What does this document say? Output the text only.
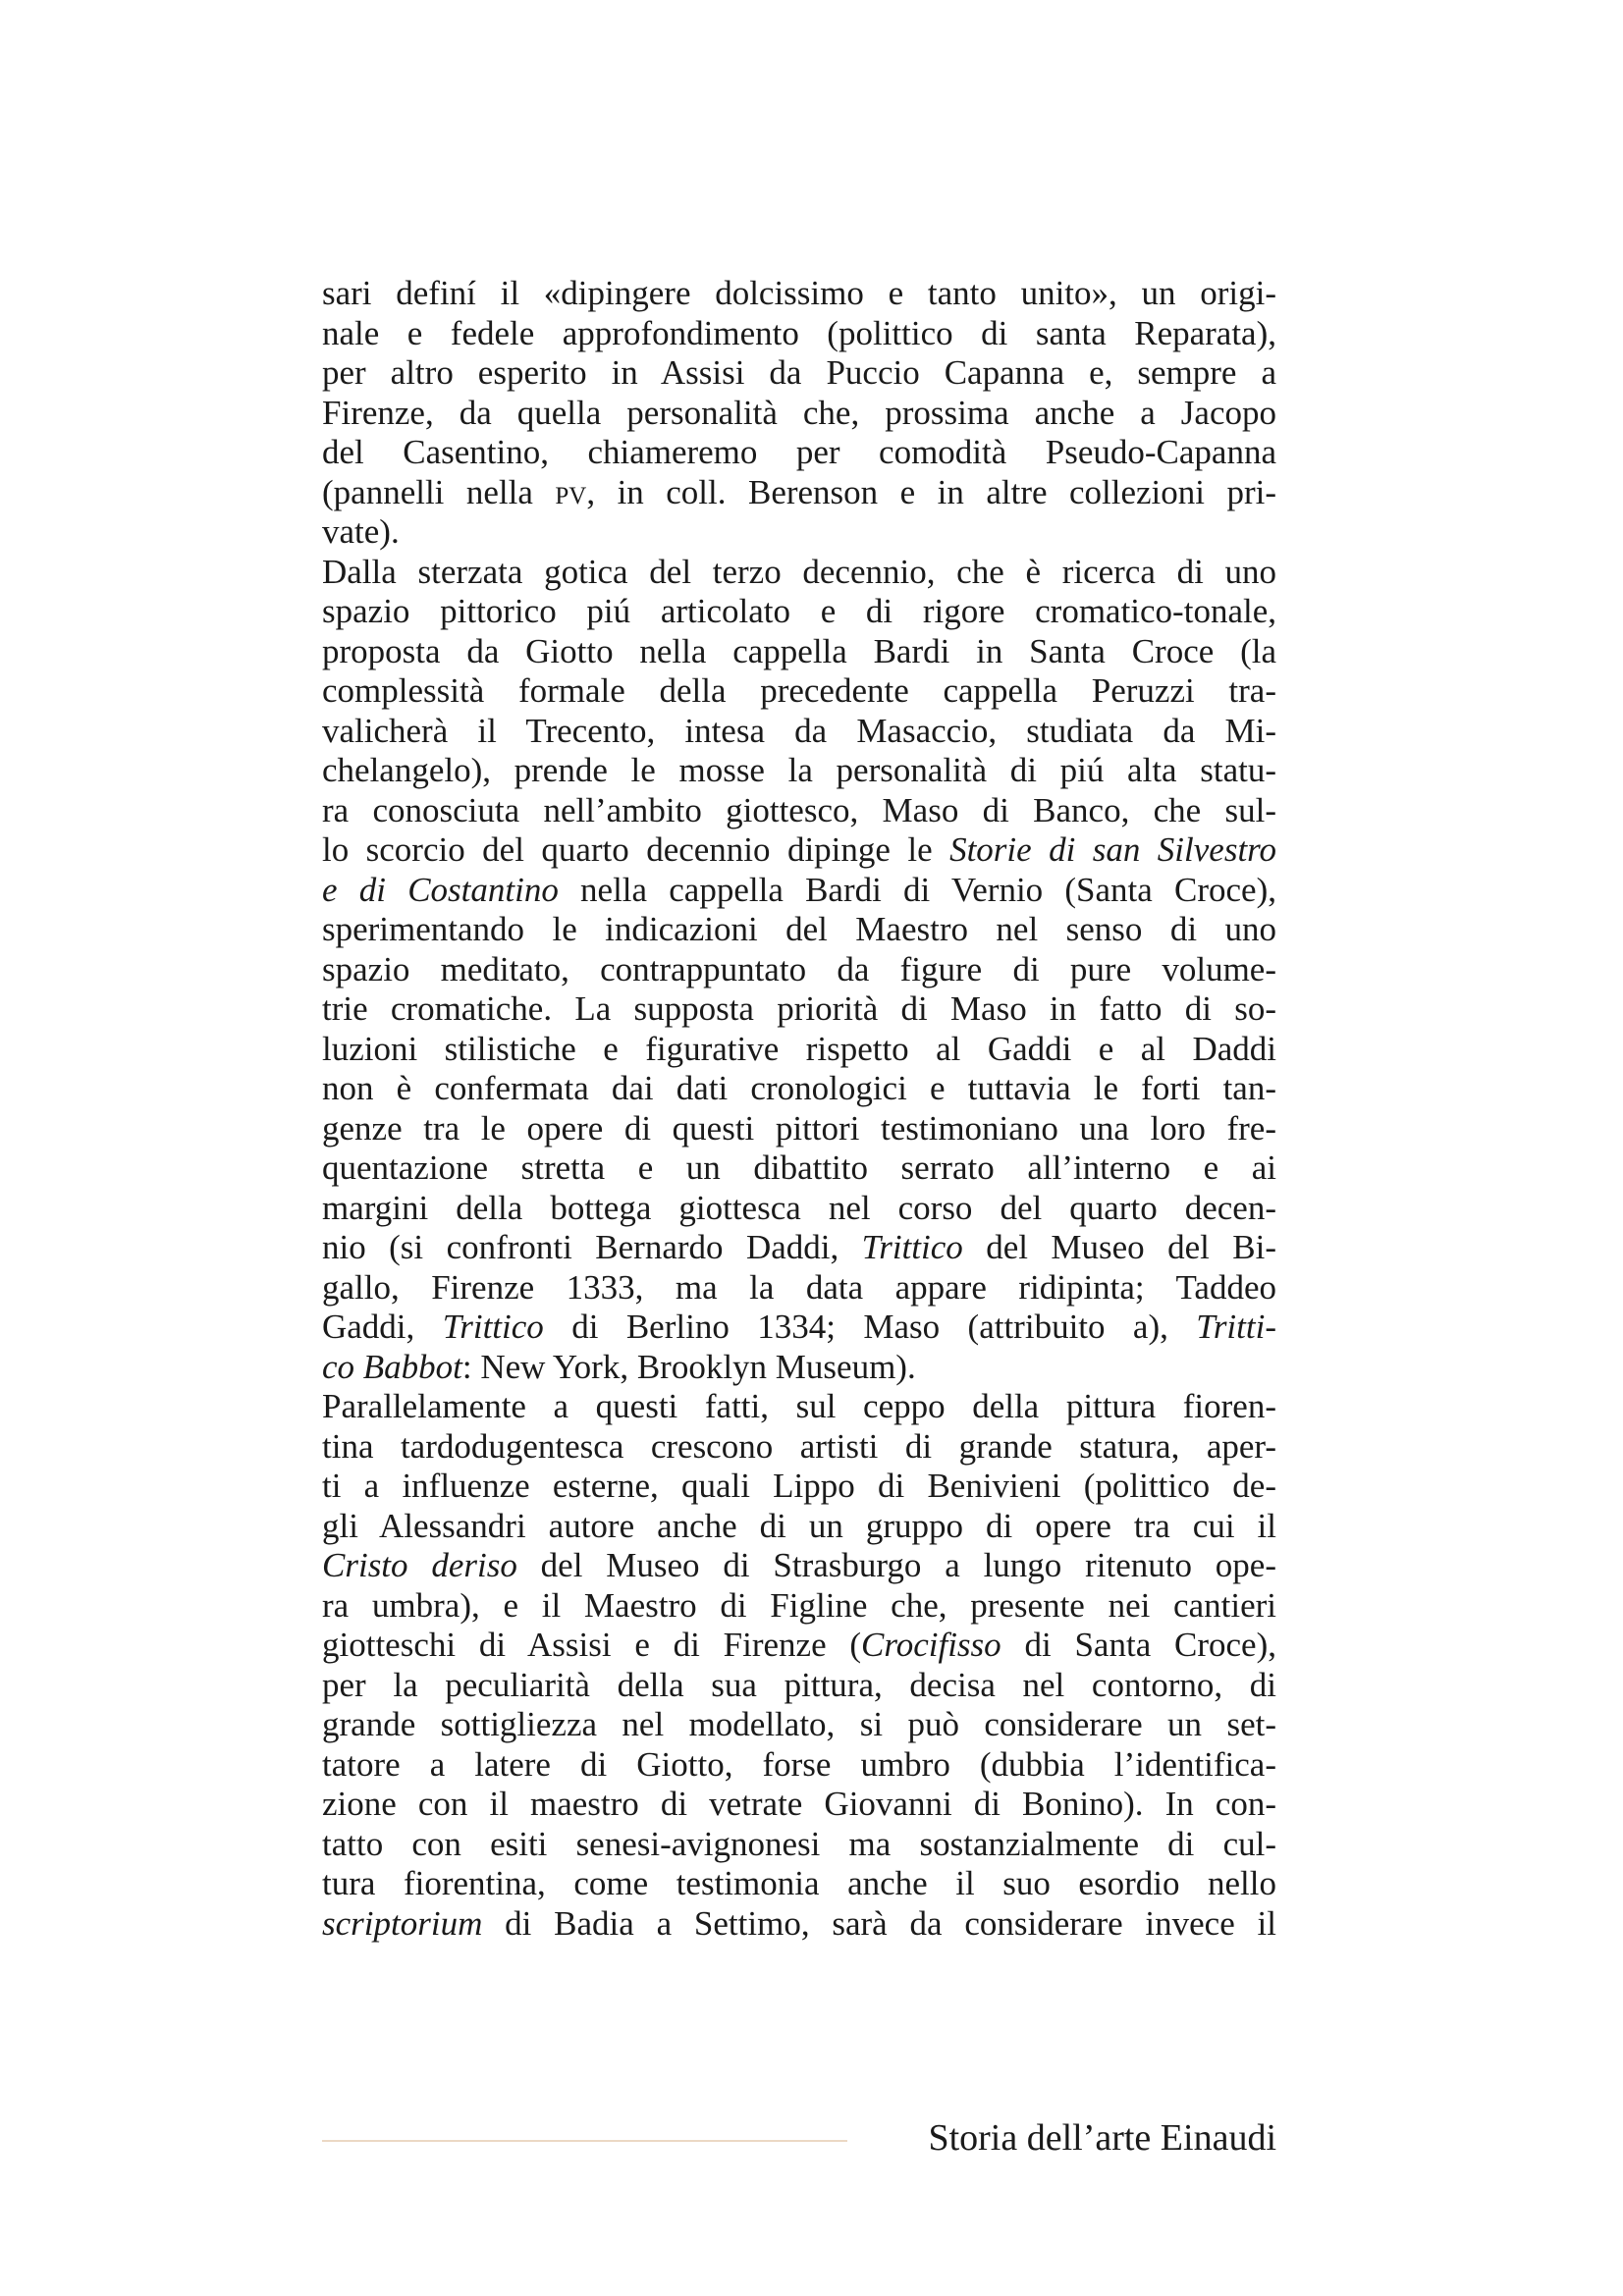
sari definí il «dipingere dolcissimo e tanto unito», un origi-
nale e fedele approfondimento (polittico di santa Reparata),
per altro esperito in Assisi da Puccio Capanna e, sempre a
Firenze, da quella personalità che, prossima anche a Jacopo
del Casentino, chiameremo per comodità Pseudo-Capanna
(pannelli nella pv, in coll. Berenson e in altre collezioni pri-
vate).
Dalla sterzata gotica del terzo decennio, che è ricerca di uno
spazio pittorico piú articolato e di rigore cromatico-tonale,
proposta da Giotto nella cappella Bardi in Santa Croce (la
complessità formale della precedente cappella Peruzzi tra-
valicherà il Trecento, intesa da Masaccio, studiata da Mi-
chelangelo), prende le mosse la personalità di piú alta statu-
ra conosciuta nell’ambito giottesco, Maso di Banco, che sul-
lo scorcio del quarto decennio dipinge le Storie di san Silvestro
e di Costantino nella cappella Bardi di Vernio (Santa Croce),
sperimentando le indicazioni del Maestro nel senso di uno
spazio meditato, contrappuntato da figure di pure volume-
trie cromatiche. La supposta priorità di Maso in fatto di so-
luzioni stilistiche e figurative rispetto al Gaddi e al Daddi
non è confermata dai dati cronologici e tuttavia le forti tan-
genze tra le opere di questi pittori testimoniano una loro fre-
quentazione stretta e un dibattito serrato all’interno e ai
margini della bottega giottesca nel corso del quarto decen-
nio (si confronti Bernardo Daddi, Trittico del Museo del Bi-
gallo, Firenze 1333, ma la data appare ridipinta; Taddeo
Gaddi, Trittico di Berlino 1334; Maso (attribuito a), Tritti-
co Babbot: New York, Brooklyn Museum).
Parallelamente a questi fatti, sul ceppo della pittura fioren-
tina tardodugentesca crescono artisti di grande statura, aper-
ti a influenze esterne, quali Lippo di Benivieni (polittico de-
gli Alessandri autore anche di un gruppo di opere tra cui il
Cristo deriso del Museo di Strasburgo a lungo ritenuto ope-
ra umbra), e il Maestro di Figline che, presente nei cantieri
giotteschi di Assisi e di Firenze (Crocifisso di Santa Croce),
per la peculiarità della sua pittura, decisa nel contorno, di
grande sottigliezza nel modellato, si può considerare un set-
tatore a latere di Giotto, forse umbro (dubbia l’identifica-
zione con il maestro di vetrate Giovanni di Bonino). In con-
tatto con esiti senesi-avignonesi ma sostanzialmente di cul-
tura fiorentina, come testimonia anche il suo esordio nello
scriptorium di Badia a Settimo, sarà da considerare invece il
Storia dell’arte Einaudi
